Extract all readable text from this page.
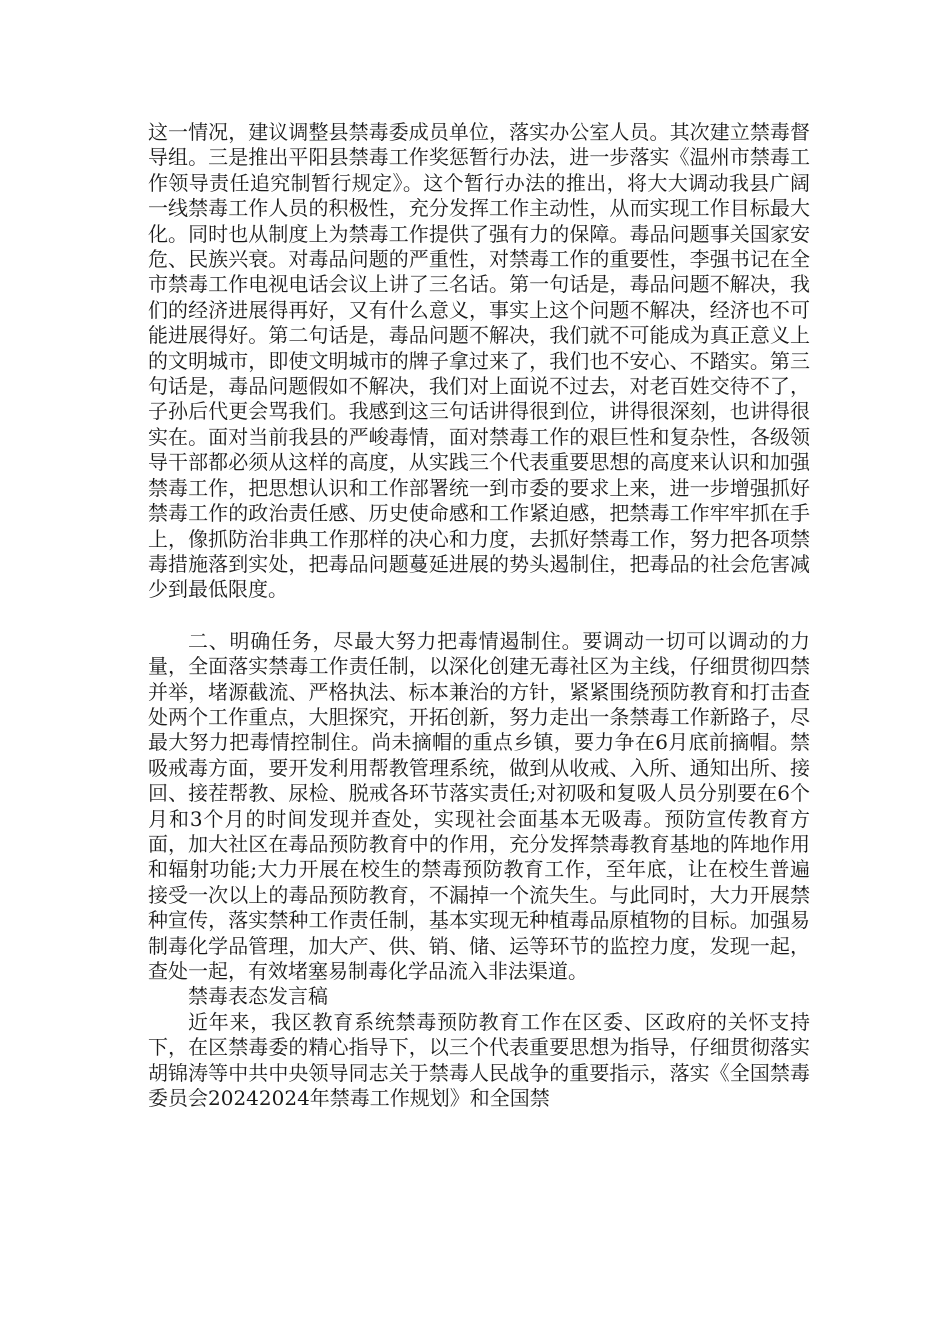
这一情况，建议调整县禁毒委成员单位，落实办公室人员。其次建立禁毒督导组。三是推出平阳县禁毒工作奖惩暂行办法，进一步落实《温州市禁毒工作领导责任追究制暂行规定》。这个暂行办法的推出，将大大调动我县广阔一线禁毒工作人员的积极性，充分发挥工作主动性，从而实现工作目标最大化。同时也从制度上为禁毒工作提供了强有力的保障。毒品问题事关国家安危、民族兴衰。对毒品问题的严重性，对禁毒工作的重要性，李强书记在全市禁毒工作电视电话会议上讲了三名话。第一句话是，毒品问题不解决，我们的经济进展得再好，又有什么意义，事实上这个问题不解决，经济也不可能进展得好。第二句话是，毒品问题不解决，我们就不可能成为真正意义上的文明城市，即使文明城市的牌子拿过来了，我们也不安心、不踏实。第三句话是，毒品问题假如不解决，我们对上面说不过去，对老百姓交待不了，子孙后代更会骂我们。我感到这三句话讲得很到位，讲得很深刻，也讲得很实在。面对当前我县的严峻毒情，面对禁毒工作的艰巨性和复杂性，各级领导干部都必须从这样的高度，从实践三个代表重要思想的高度来认识和加强禁毒工作，把思想认识和工作部署统一到市委的要求上来，进一步增强抓好禁毒工作的政治责任感、历史使命感和工作紧迫感，把禁毒工作牢牢抓在手上，像抓防治非典工作那样的决心和力度，去抓好禁毒工作，努力把各项禁毒措施落到实处，把毒品问题蔓延进展的势头遏制住，把毒品的社会危害减少到最低限度。

二、明确任务，尽最大努力把毒情遏制住。要调动一切可以调动的力量，全面落实禁毒工作责任制，以深化创建无毒社区为主线，仔细贯彻四禁并举，堵源截流、严格执法、标本兼治的方针，紧紧围绕预防教育和打击查处两个工作重点，大胆探究，开拓创新，努力走出一条禁毒工作新路子，尽最大努力把毒情控制住。尚未摘帽的重点乡镇，要力争在6月底前摘帽。禁吸戒毒方面，要开发利用帮教管理系统，做到从收戒、入所、通知出所、接回、接茬帮教、尿检、脱戒各环节落实责任;对初吸和复吸人员分别要在6个月和3个月的时间发现并查处，实现社会面基本无吸毒。预防宣传教育方面，加大社区在毒品预防教育中的作用，充分发挥禁毒教育基地的阵地作用和辐射功能;大力开展在校生的禁毒预防教育工作，至年底，让在校生普遍接受一次以上的毒品预防教育，不漏掉一个流失生。与此同时，大力开展禁种宣传，落实禁种工作责任制，基本实现无种植毒品原植物的目标。加强易制毒化学品管理，加大产、供、销、储、运等环节的监控力度，发现一起，查处一起，有效堵塞易制毒化学品流入非法渠道。

禁毒表态发言稿

近年来，我区教育系统禁毒预防教育工作在区委、区政府的关怀支持下，在区禁毒委的精心指导下，以三个代表重要思想为指导，仔细贯彻落实胡锦涛等中共中央领导同志关于禁毒人民战争的重要指示，落实《全国禁毒委员会20242024年禁毒工作规划》和全国禁
